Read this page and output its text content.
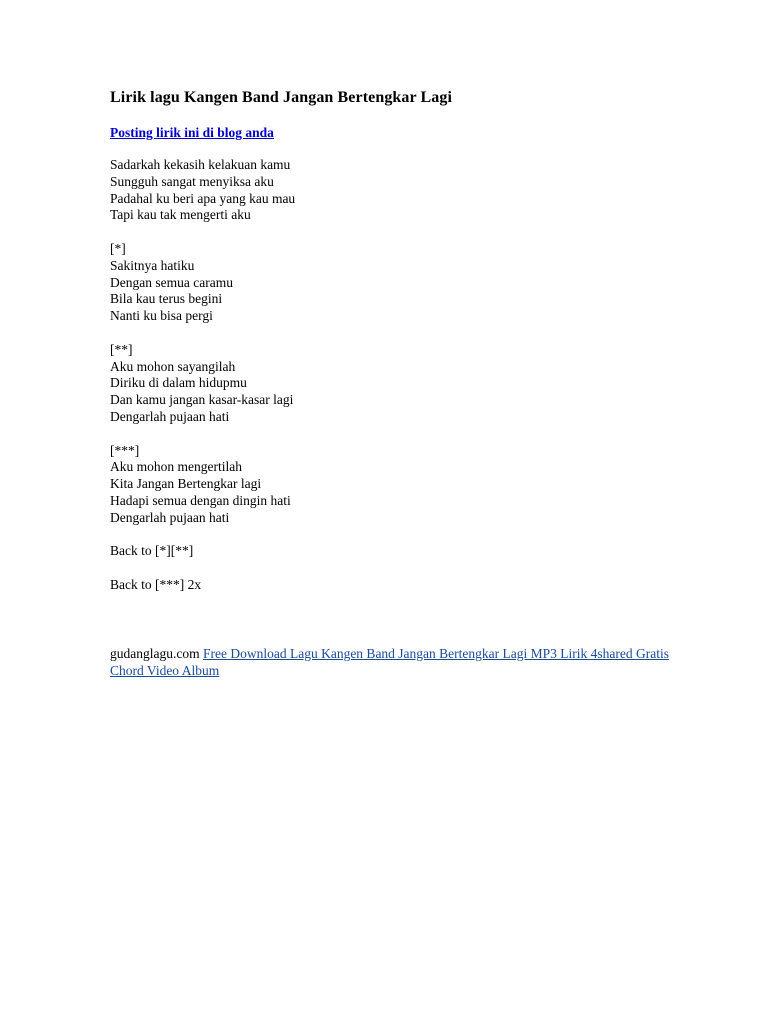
Lirik lagu Kangen Band Jangan Bertengkar Lagi
Posting lirik ini di blog anda
Sadarkah kekasih kelakuan kamu
Sungguh sangat menyiksa aku
Padahal ku beri apa yang kau mau
Tapi kau tak mengerti aku
[*]
Sakitnya hatiku
Dengan semua caramu
Bila kau terus begini
Nanti ku bisa pergi
[**]
Aku mohon sayangilah
Diriku di dalam hidupmu
Dan kamu jangan kasar-kasar lagi
Dengarlah pujaan hati
[***]
Aku mohon mengertilah
Kita Jangan Bertengkar lagi
Hadapi semua dengan dingin hati
Dengarlah pujaan hati
Back to [*][**]
Back to [***] 2x
gudanglagu.com Free Download Lagu Kangen Band Jangan Bertengkar Lagi MP3 Lirik 4shared Gratis Chord Video Album
